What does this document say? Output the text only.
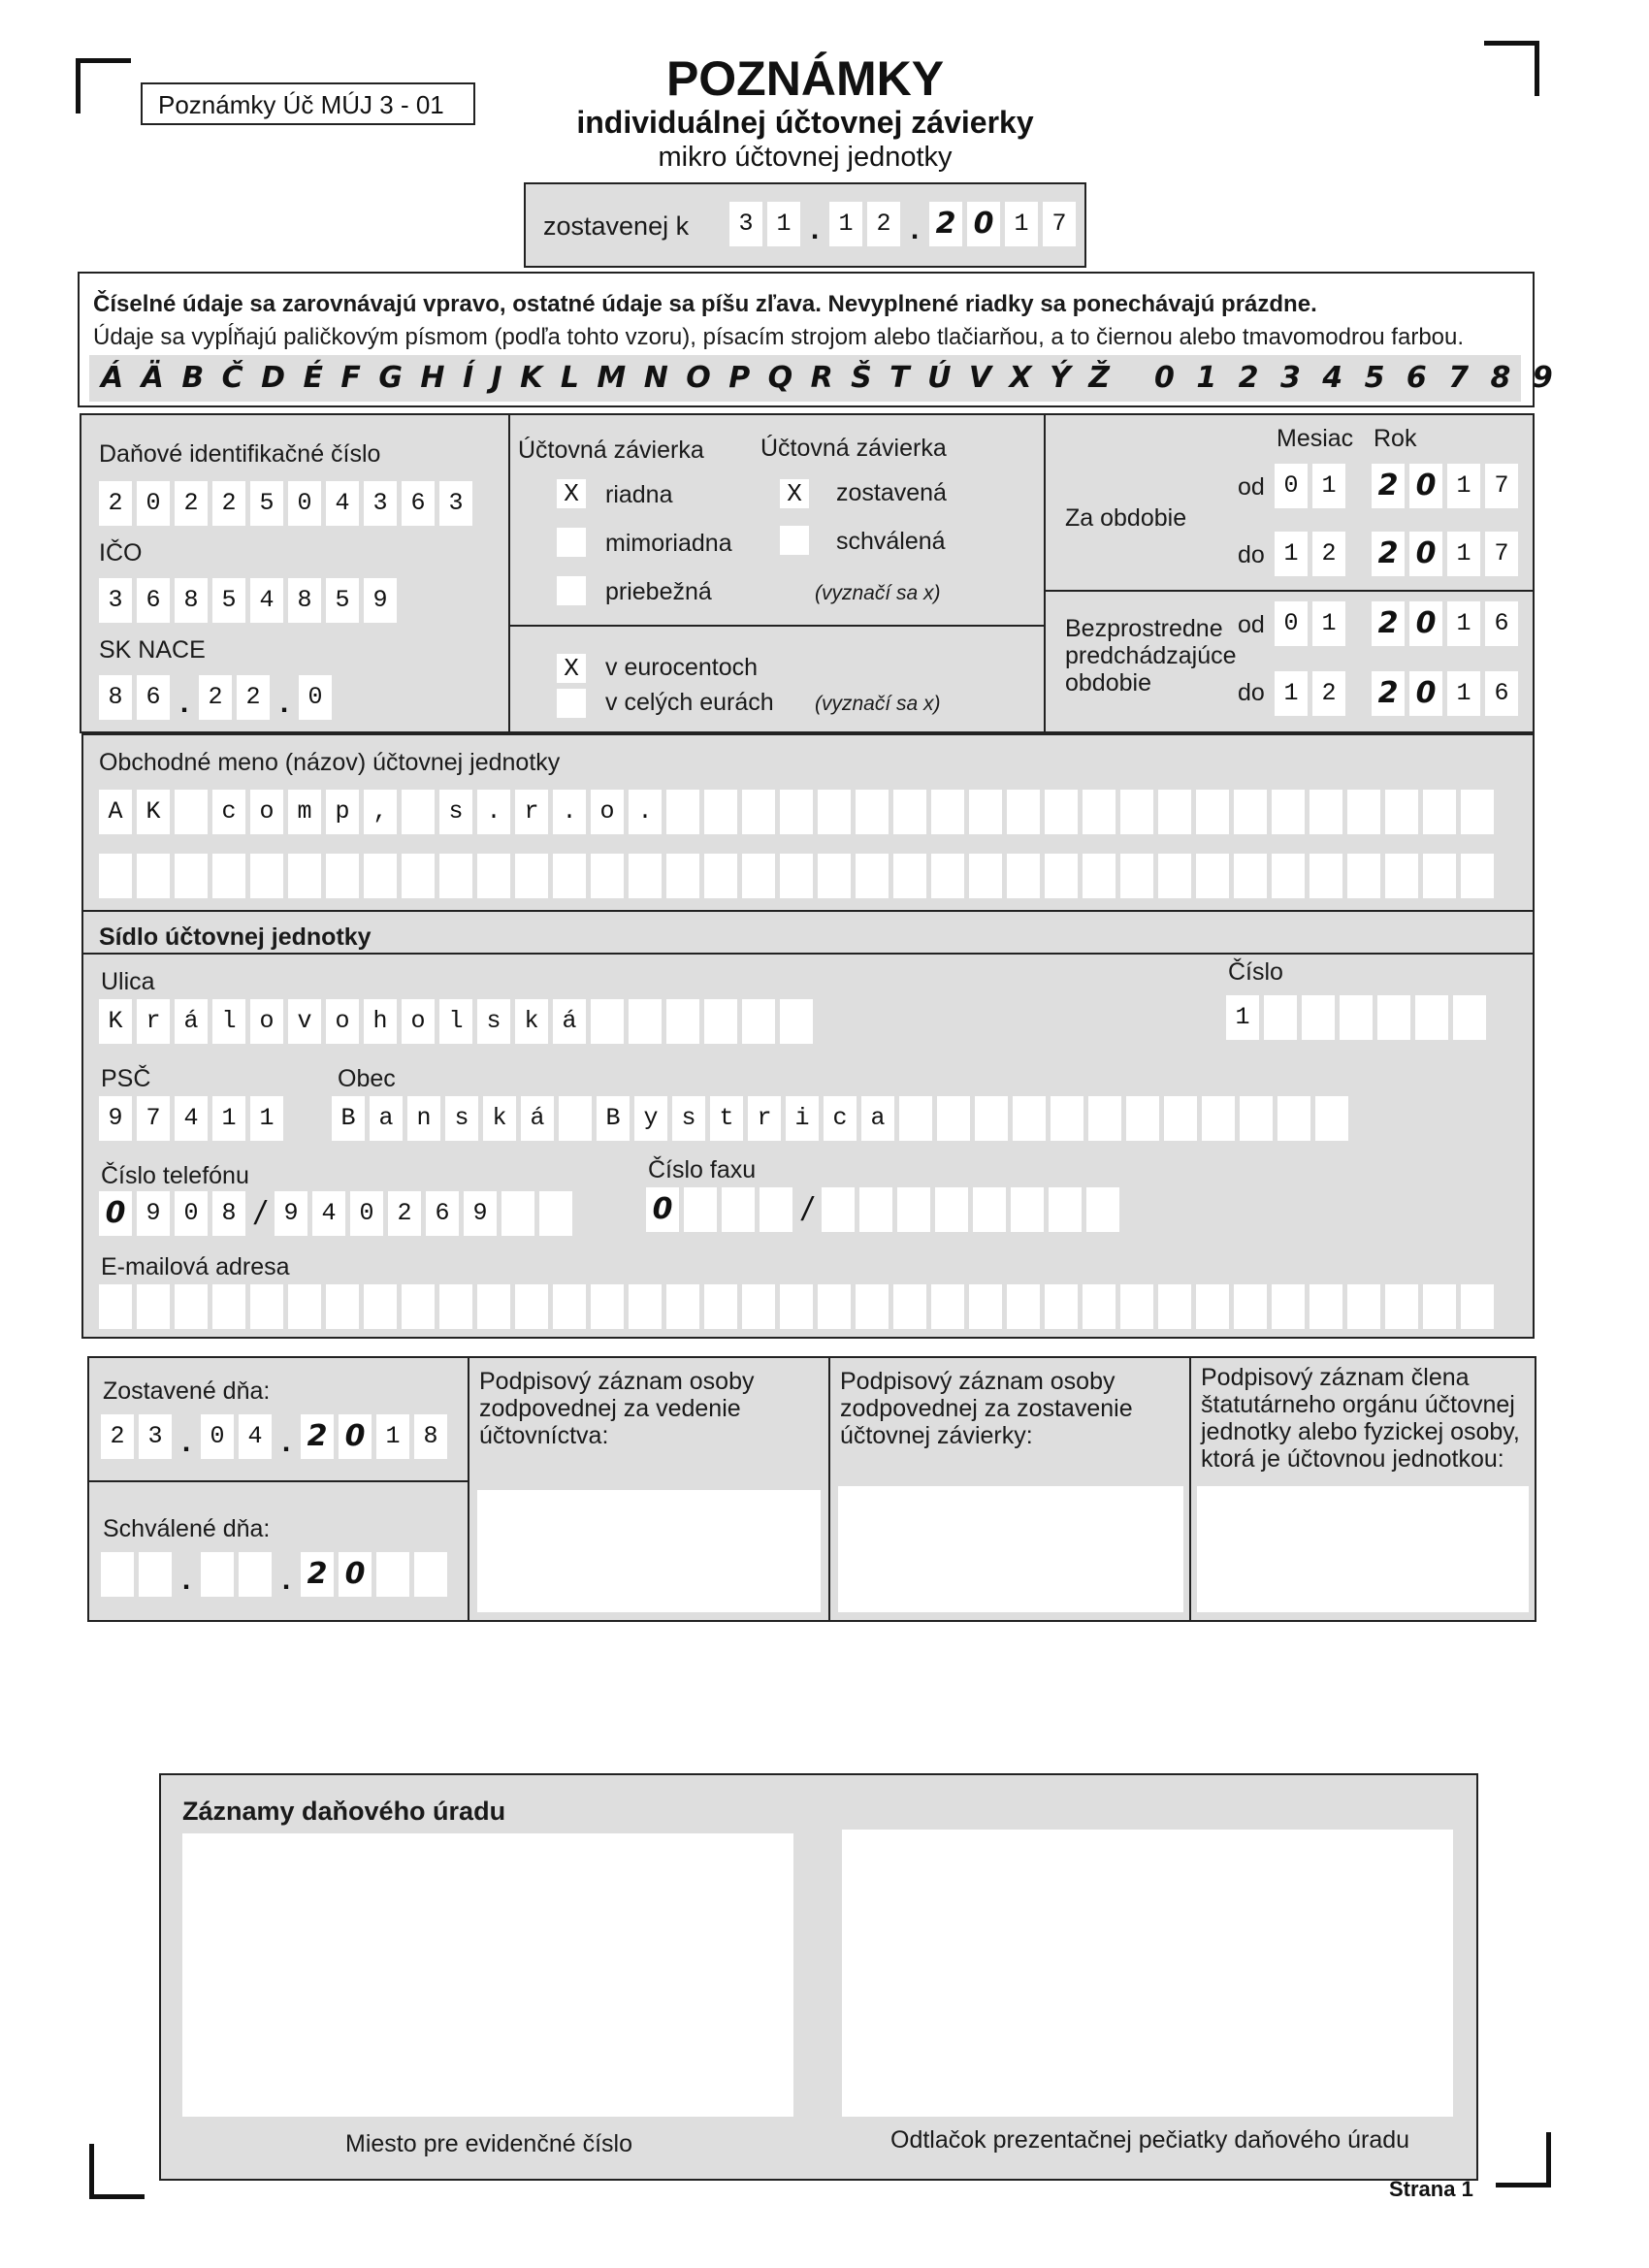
Poznámky Úč MÚJ 3 - 01	POZNÁMKY
individuálnej účtovnej závierky
mikro účtovnej jednotky
zostavenej k	3 1 . 1 2 . 2 0 1 7
Číselné údaje sa zarovnávajú vpravo, ostatné údaje sa píšu zľava. Nevyplnené riadky sa ponechávajú prázdne.
Údaje sa vypĺňajú paličkovým písmom (podľa tohto vzoru), písacím strojom alebo tlačiarňou, a to čiernou alebo tmavomodrou farbou.
Á Ä B Č D É F G H Í J K L M N O P Q R Š T Ú V X Ý Ž 0 1 2 3 4 5 6 7 8 9
Daňové identifikačné číslo
2 0 2 2 5 0 4 3 6 3
IČO
3 6 8 5 4 8 5 9
SK NACE
8 6 . 2 2 . 0
Účtovná závierka Účtovná závierka
X riadna	X zostavená
mimoriadna	schválená
priebežná	(vyznačí sa x)
X v eurocentoch
v celých eurách (vyznačí sa x)
Mesiac Rok
Za obdobie
od 0 1	2 0 1 7
do 1 2	2 0 1 7
Bezprostredne
predchádzajúce
obdobie
od 0 1	2 0 1 6
do 1 2	2 0 1 6
Obchodné meno (názov) účtovnej jednotky
A K	c o m p ,	s . r . o .
Sídlo účtovnej jednotky
Ulica	Číslo
K r á l o v o h o l s k á	1
PSČ	Obec
9 7 4 1 1	B a n s k á	B y s t r i c a
Číslo telefónu	Číslo faxu
0 9 0 8 / 9 4 0 2 6 9	0	/
E-mailová adresa
Zostavené dňa:
2 3 . 0 4 . 2 0 1 8
Schválené dňa:
.	. 2 0
Podpisový záznam osoby zodpovednej za vedenie účtovníctva:
Podpisový záznam osoby zodpovednej za zostavenie účtovnej závierky:
Podpisový záznam člena štatutárneho orgánu účtovnej jednotky alebo fyzickej osoby, ktorá je účtovnou jednotkou:
Záznamy daňového úradu
Miesto pre evidenčné číslo	Odtlačok prezentačnej pečiatky daňového úradu
Strana 1
